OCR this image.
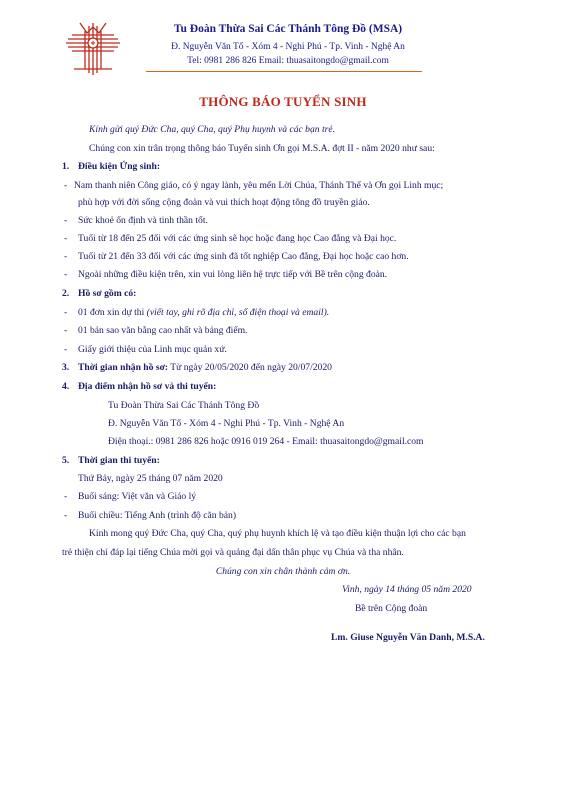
Tu Đoàn Thừa Sai Các Thánh Tông Đồ (MSA)
Đ. Nguyễn Văn Tố - Xóm 4 - Nghi Phú - Tp. Vinh - Nghệ An
Tel: 0981 286 826 Email: thuasaitongdo@gmail.com
THÔNG BÁO TUYỂN SINH
Kính gửi quý Đức Cha, quý Cha, quý Phụ huynh và các bạn trẻ.
Chúng con xin trân trọng thông báo Tuyển sinh Ơn gọi M.S.A. đợt II - năm 2020 như sau:
1. Điều kiện Ứng sinh:
- Nam thanh niên Công giáo, có ý ngay lành, yêu mến Lời Chúa, Thánh Thể và Ơn gọi Linh mục;
phù hợp với đời sống cộng đoàn và vui thích hoạt động tông đồ truyền giáo.
- Sức khoẻ ổn định và tinh thần tốt.
- Tuổi từ 18 đến 25 đối với các ứng sinh sẽ học hoặc đang học Cao đẳng và Đại học.
- Tuổi từ 21 đến 33 đối với các ứng sinh đã tốt nghiệp Cao đẳng, Đại học hoặc cao hơn.
- Ngoài những điều kiện trên, xin vui lòng liên hệ trực tiếp với Bề trên cộng đoàn.
2. Hồ sơ gồm có:
- 01 đơn xin dự thi (viết tay, ghi rõ địa chỉ, số điện thoại và email).
- 01 bản sao văn bằng cao nhất và bảng điểm.
- Giấy giới thiệu của Linh mục quản xứ.
3. Thời gian nhận hồ sơ: Từ ngày 20/05/2020 đến ngày 20/07/2020
4. Địa điểm nhận hồ sơ và thi tuyển:
Tu Đoàn Thừa Sai Các Thánh Tông Đồ
Đ. Nguyễn Văn Tố - Xóm 4 - Nghi Phú - Tp. Vinh - Nghệ An
Điện thoại.: 0981 286 826 hoặc 0916 019 264 - Email: thuasaitongdo@gmail.com
5. Thời gian thi tuyển:
Thứ Bảy, ngày 25 tháng 07 năm 2020
- Buổi sáng: Việt văn và Giáo lý
- Buổi chiều: Tiếng Anh (trình độ căn bản)
Kính mong quý Đức Cha, quý Cha, quý phụ huynh khích lệ và tạo điều kiện thuận lợi cho các bạn
trẻ thiện chí đáp lại tiếng Chúa mời gọi và quảng đại dấn thân phục vụ Chúa và tha nhân.
Chúng con xin chân thành cảm ơn.
Vinh, ngày 14 tháng 05 năm 2020
Bề trên Cộng đoàn
Lm. Giuse Nguyễn Văn Danh, M.S.A.
